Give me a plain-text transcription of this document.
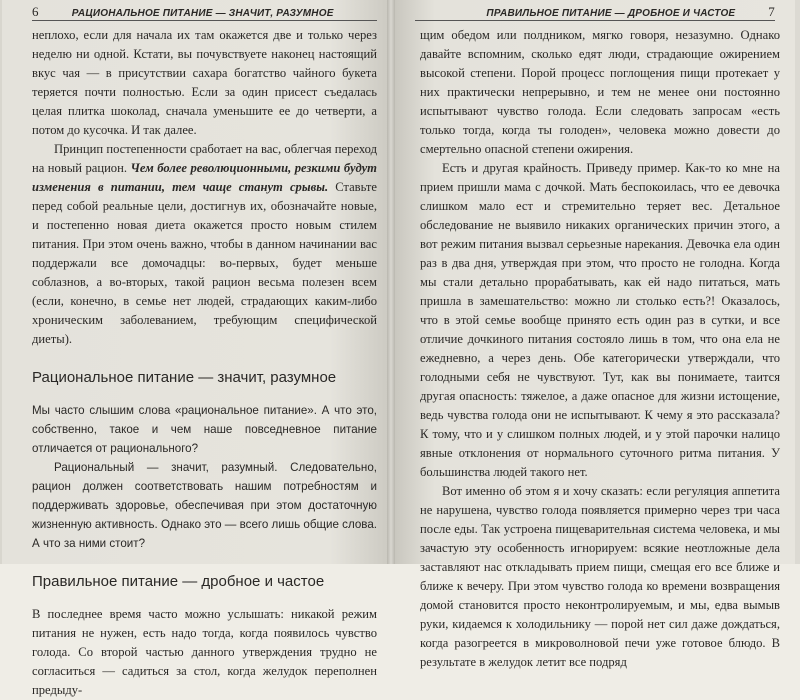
6	РАЦИОНАЛЬНОЕ ПИТАНИЕ — ЗНАЧИТ, РАЗУМНОЕ

неплохо, если для начала их там окажется две и только через неделю ни одной. Кстати, вы почувствуете наконец настоящий вкус чая — в присутствии сахара богатство чайного букета теряется почти полностью. Если за один присест съедалась целая плитка шоколад, сначала уменьшите ее до четверти, а потом до кусочка. И так далее.

Принцип постепенности сработает на вас, облегчая переход на новый рацион. Чем более революционными, резкими будут изменения в питании, тем чаще станут срывы. Ставьте перед собой реальные цели, достигнув их, обозначайте новые, и постепенно новая диета окажется просто новым стилем питания. При этом очень важно, чтобы в данном начинании вас поддержали все домочадцы: во-первых, будет меньше соблазнов, а во-вторых, такой рацион весьма полезен всем (если, конечно, в семье нет людей, страдающих каким-либо хроническим заболеванием, требующим специфической диеты).

Рациональное питание — значит, разумное

Мы часто слышим слова «рациональное питание». А что это, собственно, такое и чем наше повседневное питание отличается от рационального?

Рациональный — значит, разумный. Следовательно, рацион должен соответствовать нашим потребностям и поддерживать здоровье, обеспечивая при этом достаточную жизненную активность. Однако это — всего лишь общие слова. А что за ними стоит?

Правильное питание — дробное и частое

В последнее время часто можно услышать: никакой режим питания не нужен, есть надо тогда, когда появилось чувство голода. Со второй частью данного утверждения трудно не согласиться — садиться за стол, когда желудок переполнен предыду-

ПРАВИЛЬНОЕ ПИТАНИЕ — ДРОБНОЕ И ЧАСТОЕ	7

щим обедом или полдником, мягко говоря, незазумно. Однако давайте вспомним, сколько едят люди, страдающие ожирением высокой степени. Порой процесс поглощения пищи протекает у них практически непрерывно, и тем не менее они постоянно испытывают чувство голода. Если следовать запросам «есть только тогда, когда ты голоден», человека можно довести до смертельно опасной степени ожирения.

Есть и другая крайность. Приведу пример. Как-то ко мне на прием пришли мама с дочкой. Мать беспокоилась, что ее девочка слишком мало ест и стремительно теряет вес. Детальное обследование не выявило никаких органических причин этого, а вот режим питания вызвал серьезные нарекания. Девочка ела один раз в два дня, утверждая при этом, что просто не голодна. Когда мы стали детально прорабатывать, как ей надо питаться, мать пришла в замешательство: можно ли столько есть?! Оказалось, что в этой семье вообще принято есть один раз в сутки, и все отличие дочкиного питания состояло лишь в том, что она ела не ежедневно, а через день. Обе категорически утверждали, что голодными себя не чувствуют. Тут, как вы понимаете, таится другая опасность: тяжелое, а даже опасное для жизни истощение, ведь чувства голода они не испытывают. К чему я это рассказала? К тому, что и у слишком полных людей, и у этой парочки налицо явные отклонения от нормального суточного ритма питания. У большинства людей такого нет.

Вот именно об этом я и хочу сказать: если регуляция аппетита не нарушена, чувство голода появляется примерно через три часа после еды. Так устроена пищеварительная система человека, и мы зачастую эту особенность игнорируем: всякие неотложные дела заставляют нас откладывать прием пищи, смещая его все ближе и ближе к вечеру. При этом чувство голода ко времени возвращения домой становится просто неконтролируемым, и мы, едва вымыв руки, кидаемся к холодильнику — порой нет сил даже дождаться, когда разогреется в микроволновой печи уже готовое блюдо. В результате в желудок летит все подряд
